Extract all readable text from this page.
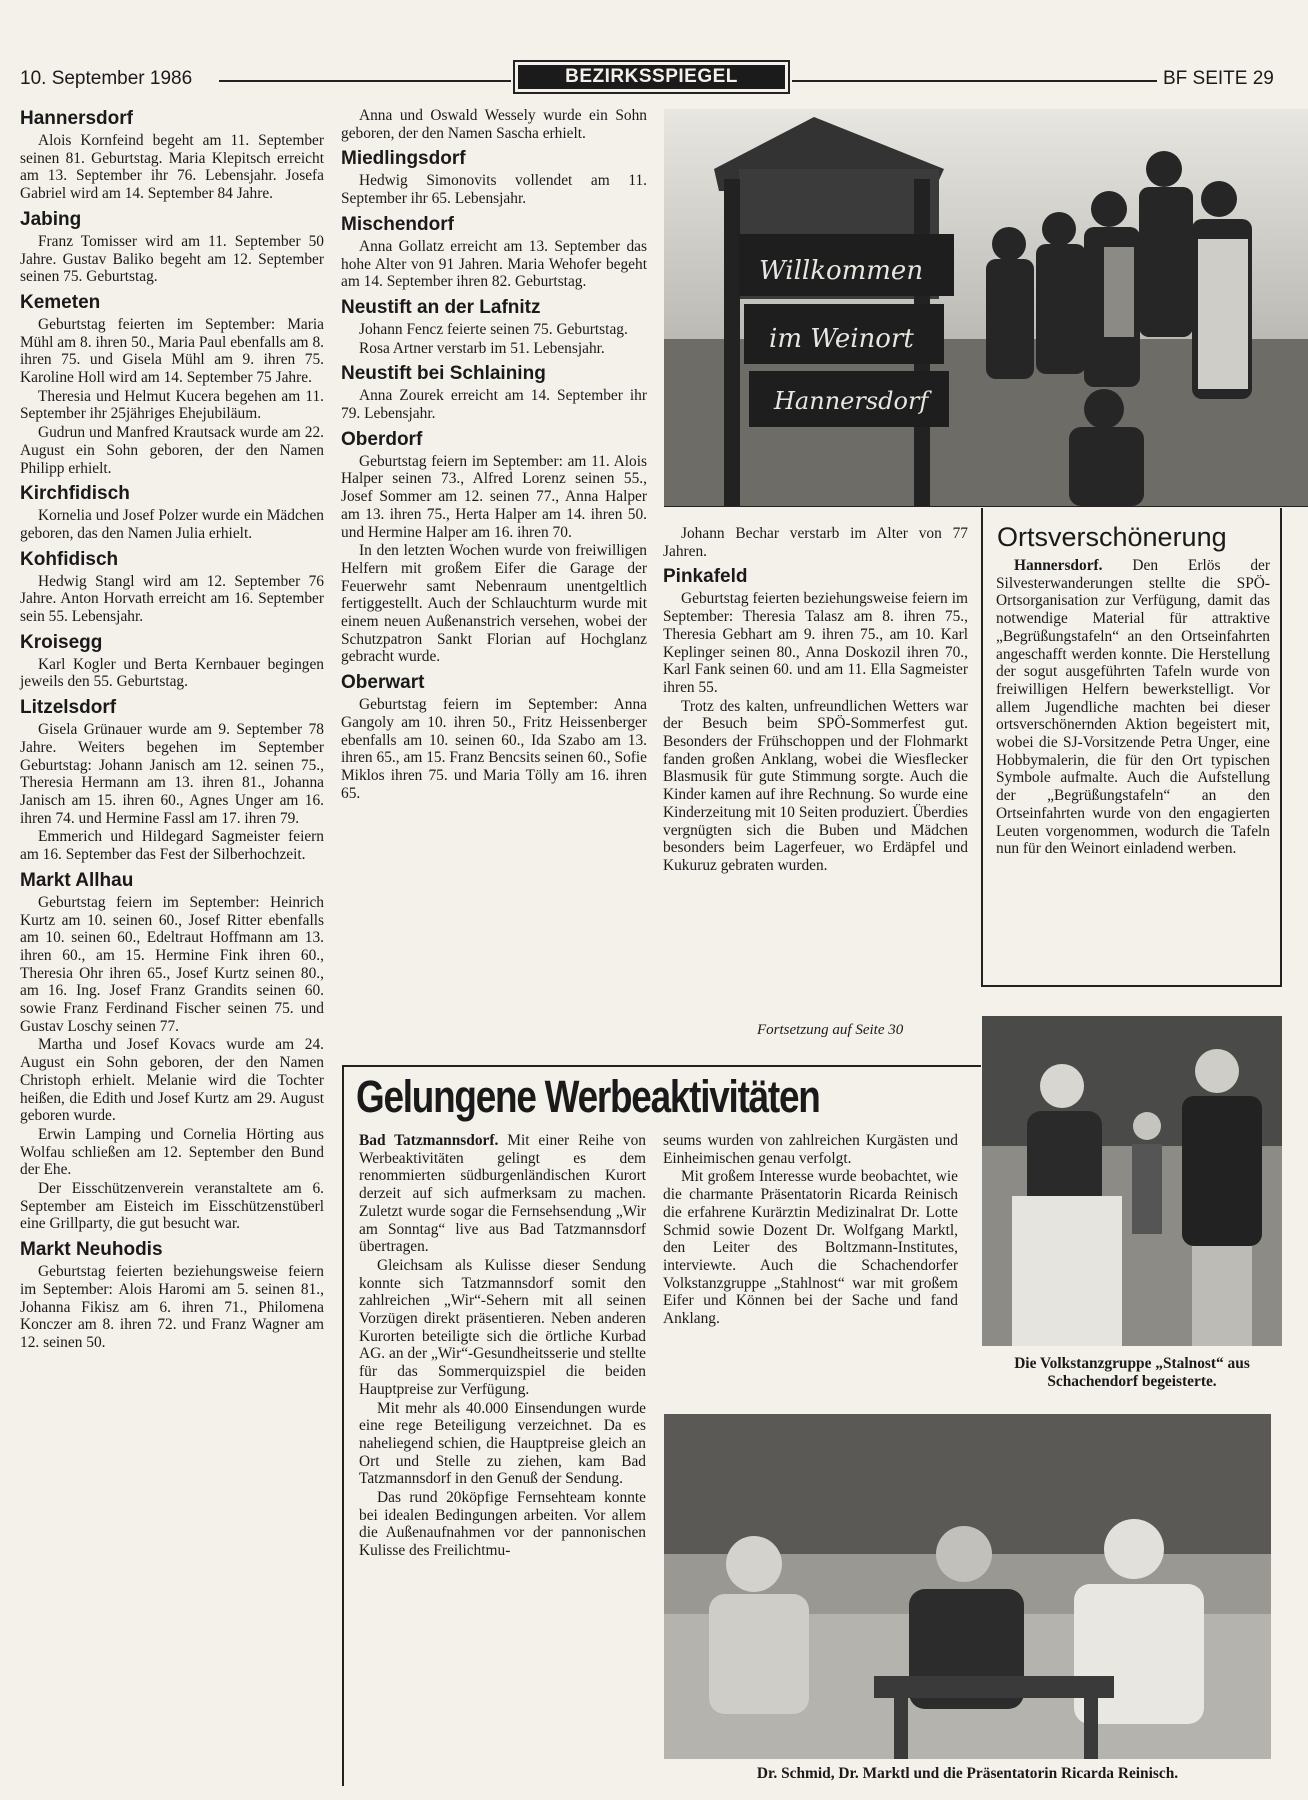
10. September 1986	BEZIRKSSPIEGEL	BF SEITE 29
Hannersdorf

Alois Kornfeind begeht am 11. September seinen 81. Geburtstag. Maria Klepitsch erreicht am 13. September ihr 76. Lebensjahr. Josefa Gabriel wird am 14. September 84 Jahre.

Jabing

Franz Tomisser wird am 11. September 50 Jahre. Gustav Baliko begeht am 12. September seinen 75. Geburtstag.

Kemeten

Geburtstag feierten im September: Maria Mühl am 8. ihren 50., Maria Paul ebenfalls am 8. ihren 75. und Gisela Mühl am 9. ihren 75. Karoline Holl wird am 14. September 75 Jahre.

Theresia und Helmut Kucera begehen am 11. September ihr 25jähriges Ehejubiläum.

Gudrun und Manfred Krautsack wurde am 22. August ein Sohn geboren, der den Namen Philipp erhielt.

Kirchfidisch

Kornelia und Josef Polzer wurde ein Mädchen geboren, das den Namen Julia erhielt.

Kohfidisch

Hedwig Stangl wird am 12. September 76 Jahre. Anton Horvath erreicht am 16. September sein 55. Lebensjahr.

Kroisegg

Karl Kogler und Berta Kernbauer begingen jeweils den 55. Geburtstag.

Litzelsdorf

Gisela Grünauer wurde am 9. September 78 Jahre. Weiters begehen im September Geburtstag: Johann Janisch am 12. seinen 75., Theresia Hermann am 13. ihren 81., Johanna Janisch am 15. ihren 60., Agnes Unger am 16. ihren 74. und Hermine Fassl am 17. ihren 79.

Emmerich und Hildegard Sagmeister feiern am 16. September das Fest der Silberhochzeit.

Markt Allhau

Geburtstag feiern im September: Heinrich Kurtz am 10. seinen 60., Josef Ritter ebenfalls am 10. seinen 60., Edeltraut Hoffmann am 13. ihren 60., am 15. Hermine Fink ihren 60., Theresia Ohr ihren 65., Josef Kurtz seinen 80., am 16. Ing. Josef Franz Grandits seinen 60. sowie Franz Ferdinand Fischer seinen 75. und Gustav Loschy seinen 77.

Martha und Josef Kovacs wurde am 24. August ein Sohn geboren, der den Namen Christoph erhielt. Melanie wird die Tochter heißen, die Edith und Josef Kurtz am 29. August geboren wurde.

Erwin Lamping und Cornelia Hörting aus Wolfau schließen am 12. September den Bund der Ehe.

Der Eisschützenverein veranstaltete am 6. September am Eisteich im Eisschützenstüberl eine Grillparty, die gut besucht war.

Markt Neuhodis

Geburtstag feierten beziehungsweise feiern im September: Alois Haromi am 5. seinen 81., Johanna Fikisz am 6. ihren 71., Philomena Konczer am 8. ihren 72. und Franz Wagner am 12. seinen 50.

Anna und Oswald Wessely wurde ein Sohn geboren, der den Namen Sascha erhielt.

Miedlingsdorf

Hedwig Simonovits vollendet am 11. September ihr 65. Lebensjahr.

Mischendorf

Anna Gollatz erreicht am 13. September das hohe Alter von 91 Jahren. Maria Wehofer begeht am 14. September ihren 82. Geburtstag.

Neustift an der Lafnitz

Johann Fencz feierte seinen 75. Geburtstag.

Rosa Artner verstarb im 51. Lebensjahr.

Neustift bei Schlaining

Anna Zourek erreicht am 14. September ihr 79. Lebensjahr.

Oberdorf

Geburtstag feiern im September: am 11. Alois Halper seinen 73., Alfred Lorenz seinen 55., Josef Sommer am 12. seinen 77., Anna Halper am 13. ihren 75., Herta Halper am 14. ihren 50. und Hermine Halper am 16. ihren 70.

In den letzten Wochen wurde von freiwilligen Helfern mit großem Eifer die Garage der Feuerwehr samt Nebenraum unentgeltlich fertiggestellt. Auch der Schlauchturm wurde mit einem neuen Außenanstrich versehen, wobei der Schutzpatron Sankt Florian auf Hochglanz gebracht wurde.

Oberwart

Geburtstag feiern im September: Anna Gangoly am 10. ihren 50., Fritz Heissenberger ebenfalls am 10. seinen 60., Ida Szabo am 13. ihren 65., am 15. Franz Bencsits seinen 60., Sofie Miklos ihren 75. und Maria Tölly am 16. ihren 65.

Willkommen
im Weinort
Hannersdorf

Johann Bechar verstarb im Alter von 77 Jahren.

Pinkafeld

Geburtstag feierten beziehungsweise feiern im September: Theresia Talasz am 8. ihren 75., Theresia Gebhart am 9. ihren 75., am 10. Karl Keplinger seinen 80., Anna Doskozil ihren 70., Karl Fank seinen 60. und am 11. Ella Sagmeister ihren 55.

Trotz des kalten, unfreundlichen Wetters war der Besuch beim SPÖ-Sommerfest gut. Besonders der Frühschoppen und der Flohmarkt fanden großen Anklang, wobei die Wiesflecker Blasmusik für gute Stimmung sorgte. Auch die Kinder kamen auf ihre Rechnung. So wurde eine Kinderzeitung mit 10 Seiten produziert. Überdies vergnügten sich die Buben und Mädchen besonders beim Lagerfeuer, wo Erdäpfel und Kukuruz gebraten wurden.

Fortsetzung auf Seite 30
Ortsverschönerung

Hannersdorf. Den Erlös der Silvesterwanderungen stellte die SPÖ-Ortsorganisation zur Verfügung, damit das notwendige Material für attraktive „Begrüßungstafeln“ an den Ortseinfahrten angeschafft werden konnte. Die Herstellung der sogut ausgeführten Tafeln wurde von freiwilligen Helfern bewerkstelligt. Vor allem Jugendliche machten bei dieser ortsverschönernden Aktion begeistert mit, wobei die SJ-Vorsitzende Petra Unger, eine Hobbymalerin, die für den Ort typischen Symbole aufmalte. Auch die Aufstellung der „Begrüßungstafeln“ an den Ortseinfahrten wurde von den engagierten Leuten vorgenommen, wodurch die Tafeln nun für den Weinort einladend werben.

Die Volkstanzgruppe „Stalnost“ aus Schachendorf begeisterte.
Gelungene Werbeaktivitäten

Bad Tatzmannsdorf. Mit einer Reihe von Werbeaktivitäten gelingt es dem renommierten südburgenländischen Kurort derzeit auf sich aufmerksam zu machen. Zuletzt wurde sogar die Fernsehsendung „Wir am Sonntag“ live aus Bad Tatzmannsdorf übertragen.

Gleichsam als Kulisse dieser Sendung konnte sich Tatzmannsdorf somit den zahlreichen „Wir“-Sehern mit all seinen Vorzügen direkt präsentieren. Neben anderen Kurorten beteiligte sich die örtliche Kurbad AG. an der „Wir“-Gesundheitsserie und stellte für das Sommerquizspiel die beiden Hauptpreise zur Verfügung.

Mit mehr als 40.000 Einsendungen wurde eine rege Beteiligung verzeichnet. Da es naheliegend schien, die Hauptpreise gleich an Ort und Stelle zu ziehen, kam Bad Tatzmannsdorf in den Genuß der Sendung.

Das rund 20köpfige Fernsehteam konnte bei idealen Bedingungen arbeiten. Vor allem die Außenaufnahmen vor der pannonischen Kulisse des Freilichtmu-

seums wurden von zahlreichen Kurgästen und Einheimischen genau verfolgt.

Mit großem Interesse wurde beobachtet, wie die charmante Präsentatorin Ricarda Reinisch die erfahrene Kurärztin Medizinalrat Dr. Lotte Schmid sowie Dozent Dr. Wolfgang Marktl, den Leiter des Boltzmann-Institutes, interviewte. Auch die Schachendorfer Volkstanzgruppe „Stahlnost“ war mit großem Eifer und Können bei der Sache und fand Anklang.

Dr. Schmid, Dr. Marktl und die Präsentatorin Ricarda Reinisch.
